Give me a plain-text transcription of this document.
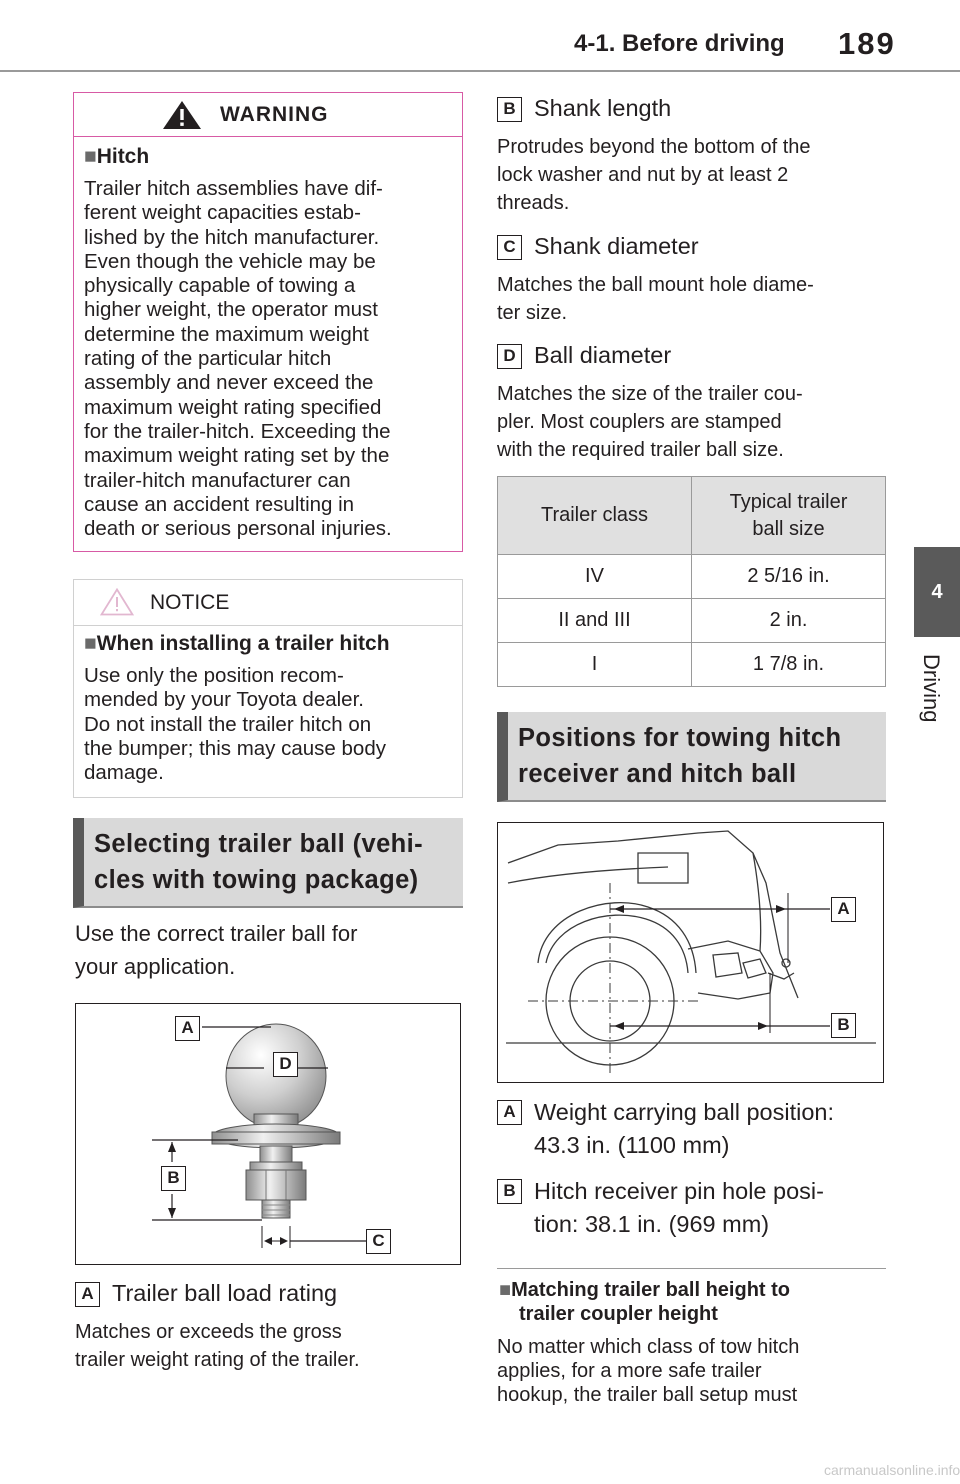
4-1. Before driving 189
4
Driving
WARNING
■Hitch
Trailer hitch assemblies have dif-
ferent weight capacities estab-
lished by the hitch manufacturer.
Even though the vehicle may be
physically capable of towing a
higher weight, the operator must
determine the maximum weight
rating of the particular hitch
assembly and never exceed the
maximum weight rating specified
for the trailer-hitch. Exceeding the
maximum weight rating set by the
trailer-hitch manufacturer can
cause an accident resulting in
death or serious personal injuries.
NOTICE
■When installing a trailer hitch
Use only the position recom-
mended by your Toyota dealer.
Do not install the trailer hitch on
the bumper; this may cause body
damage.
Selecting trailer ball (vehi-
cles with towing package)
Use the correct trailer ball for
your application.
A
D
B
C
A Trailer ball load rating
Matches or exceeds the gross
trailer weight rating of the trailer.
B Shank length
Protrudes beyond the bottom of the
lock washer and nut by at least 2
threads.
C Shank diameter
Matches the ball mount hole diame-
ter size.
D Ball diameter
Matches the size of the trailer cou-
pler. Most couplers are stamped
with the required trailer ball size.
Trailer class	Typical trailer
ball size

IV	2 5/16 in.
II and III	2 in.
I	1 7/8 in.
Positions for towing hitch
receiver and hitch ball
A
B
A Weight carrying ball position:
43.3 in. (1100 mm)
B Hitch receiver pin hole posi-
tion: 38.1 in. (969 mm)
■Matching trailer ball height to
trailer coupler height
No matter which class of tow hitch
applies, for a more safe trailer
hookup, the trailer ball setup must
carmanualsonline.info
